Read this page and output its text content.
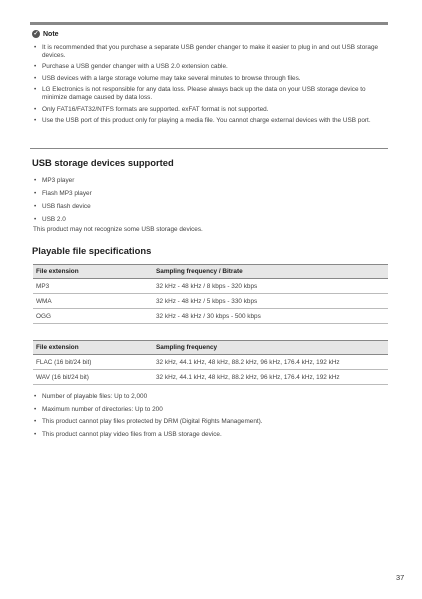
✓ Note
• It is recommended that you purchase a separate USB gender changer to make it easier to plug in and out USB storage devices.
• Purchase a USB gender changer with a USB 2.0 extension cable.
• USB devices with a large storage volume may take several minutes to browse through files.
• LG Electronics is not responsible for any data loss. Please always back up the data on your USB storage device to minimize damage caused by data loss.
• Only FAT16/FAT32/NTFS formats are supported. exFAT format is not supported.
• Use the USB port of this product only for playing a media file. You cannot charge external devices with the USB port.
USB storage devices supported
• MP3 player
• Flash MP3 player
• USB flash device
• USB 2.0
This product may not recognize some USB storage devices.
Playable file specifications
File extension	Sampling frequency / Bitrate
MP3	32 kHz - 48 kHz / 8 kbps - 320 kbps
WMA	32 kHz - 48 kHz / 5 kbps - 330 kbps
OGG	32 kHz - 48 kHz / 30 kbps - 500 kbps
File extension	Sampling frequency
FLAC (16 bit/24 bit)	32 kHz, 44.1 kHz, 48 kHz, 88.2 kHz, 96 kHz, 176.4 kHz, 192 kHz
WAV (16 bit/24 bit)	32 kHz, 44.1 kHz, 48 kHz, 88.2 kHz, 96 kHz, 176.4 kHz, 192 kHz
• Number of playable files: Up to 2,000
• Maximum number of directories: Up to 200
• This product cannot play files protected by DRM (Digital Rights Management).
• This product cannot play video files from a USB storage device.
37
